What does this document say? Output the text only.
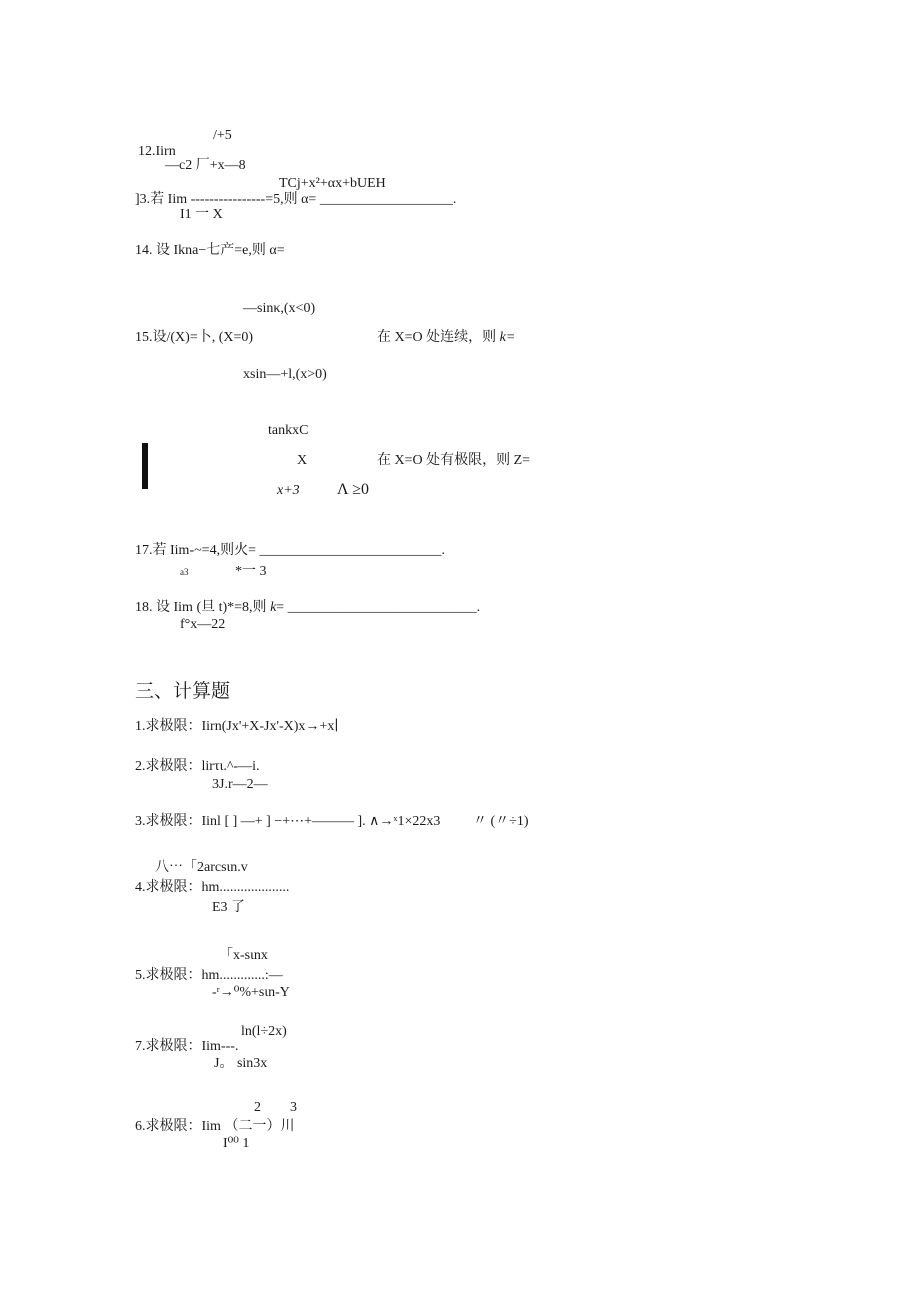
/+5
12.Iirn
—c2 厂+x—8
TCj+x²+αx+bUEH
]3.若 Iim ----------------=5,则 α= ___________________.
I1 一 X
14. 设 Ikna−七产=e,则 α=
—sinκ,(x<0)
15.设/(X)=卜, (X=0)	在 X=O 处连续，则 k=
xsin—+l,(x>0)
tankxC
X	在 X=O 处有极限，则 Z=
x+3 Λ ≥0
17.若 Iim-~=4,则火= __________________________.
a3	*一 3
18. 设 Iim (旦 t)*=8,则 k= ___________________________.
f°x—22
三、计算题
1.求极限：Iirn(Jx'+X-Jx'-X)x→+x∣
2.求极限：lirτι.^-—i.
3J.r—2—
3.求极限：Iinl [ ] —+ ] −+⋯+——— ]. ∧→ˣ1×22x3 〃 (〃÷1)
八⋯「2arcsιn.v
4.求极限：hm....................
E3 了
「x-sιnx
5.求极限：hm.............:—
-ʳ→⁰%+sιn-Y
ln(l÷2x)
7.求极限：Iim---.
J。 sin3x
2 3
6.求极限：Iim （二一）川
I⁰⁰ 1
